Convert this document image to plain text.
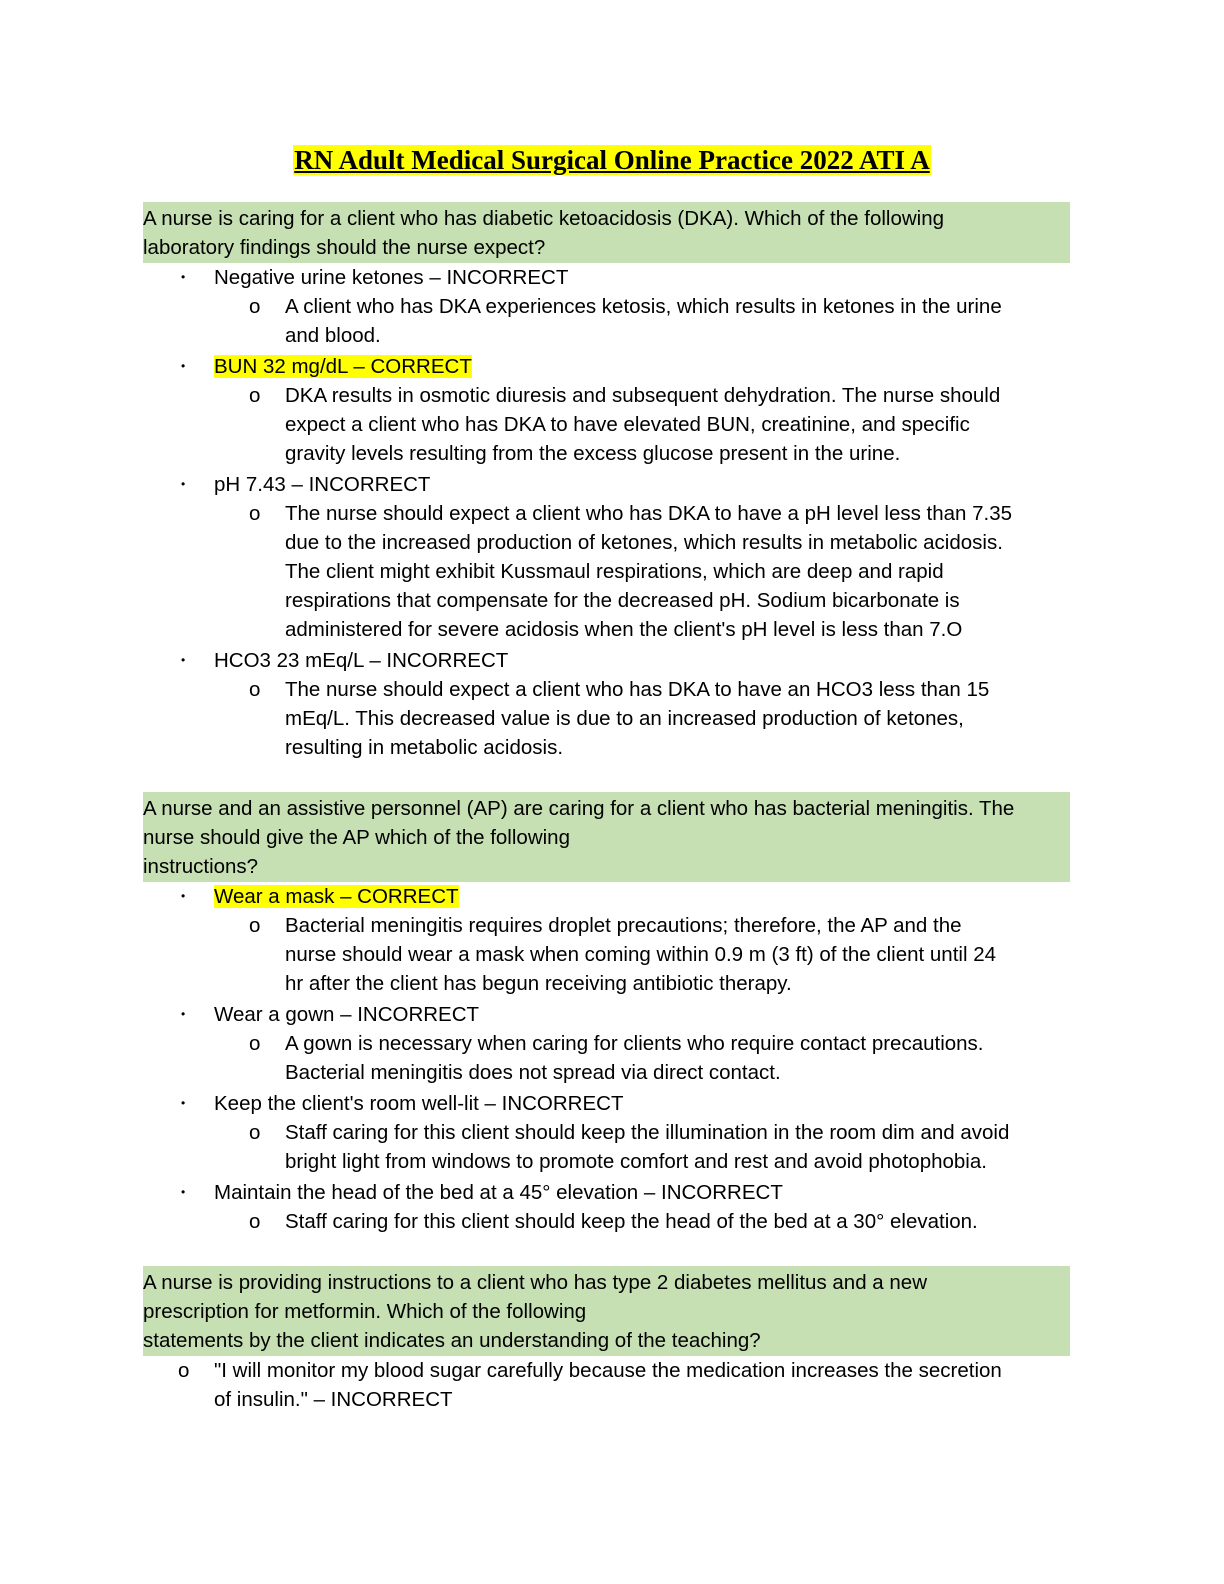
RN Adult Medical Surgical Online Practice 2022 ATI A
A nurse is caring for a client who has diabetic ketoacidosis (DKA). Which of the following
laboratory findings should the nurse expect?
• Negative urine ketones – INCORRECT
o A client who has DKA experiences ketosis, which results in ketones in the urine
and blood.
• BUN 32 mg/dL – CORRECT
o DKA results in osmotic diuresis and subsequent dehydration. The nurse should
expect a client who has DKA to have elevated BUN, creatinine, and specific
gravity levels resulting from the excess glucose present in the urine.
• pH 7.43 – INCORRECT
o The nurse should expect a client who has DKA to have a pH level less than 7.35
due to the increased production of ketones, which results in metabolic acidosis.
The client might exhibit Kussmaul respirations, which are deep and rapid
respirations that compensate for the decreased pH. Sodium bicarbonate is
administered for severe acidosis when the client's pH level is less than 7.O
• HCO3 23 mEq/L – INCORRECT
o The nurse should expect a client who has DKA to have an HCO3 less than 15
mEq/L. This decreased value is due to an increased production of ketones,
resulting in metabolic acidosis.
A nurse and an assistive personnel (AP) are caring for a client who has bacterial meningitis. The
nurse should give the AP which of the following
instructions?
• Wear a mask – CORRECT
o Bacterial meningitis requires droplet precautions; therefore, the AP and the
nurse should wear a mask when coming within 0.9 m (3 ft) of the client until 24
hr after the client has begun receiving antibiotic therapy.
• Wear a gown – INCORRECT
o A gown is necessary when caring for clients who require contact precautions.
Bacterial meningitis does not spread via direct contact.
• Keep the client's room well-lit – INCORRECT
o Staff caring for this client should keep the illumination in the room dim and avoid
bright light from windows to promote comfort and rest and avoid photophobia.
• Maintain the head of the bed at a 45° elevation – INCORRECT
o Staff caring for this client should keep the head of the bed at a 30° elevation.
A nurse is providing instructions to a client who has type 2 diabetes mellitus and a new
prescription for metformin. Which of the following
statements by the client indicates an understanding of the teaching?
o "I will monitor my blood sugar carefully because the medication increases the secretion
of insulin." – INCORRECT
